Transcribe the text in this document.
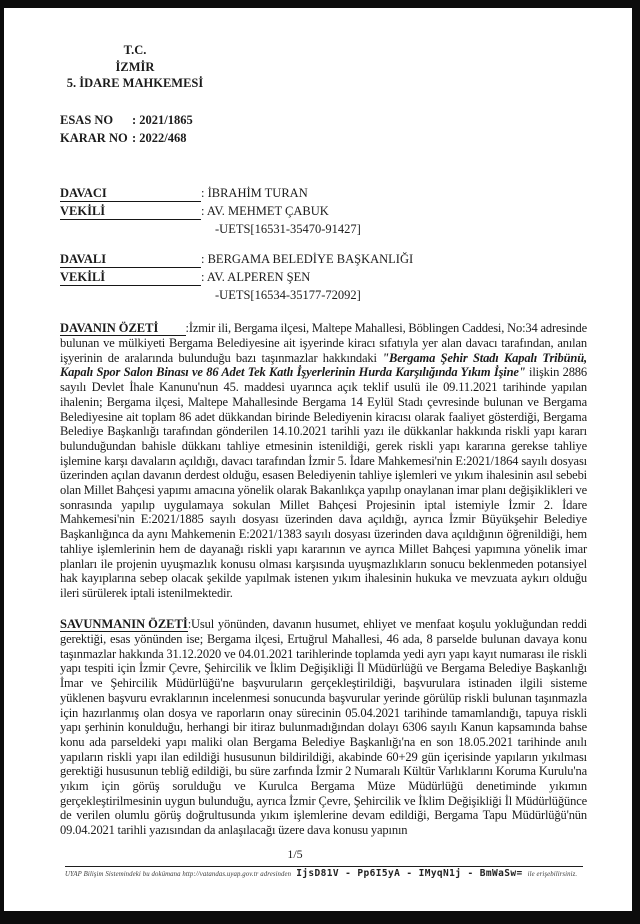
T.C.
İZMİR
5. İDARE MAHKEMESİ
ESAS NO : 2021/1865
KARAR NO : 2022/468
DAVACI	: İBRAHİM TURAN
VEKİLİ	: AV. MEHMET ÇABUK
-UETS[16531-35470-91427]
DAVALI	: BERGAMA BELEDİYE BAŞKANLIĞI
VEKİLİ	: AV. ALPEREN ŞEN
-UETS[16534-35177-72092]

DAVANIN ÖZETİ :İzmir ili, Bergama ilçesi, Maltepe Mahallesi, Böblingen Caddesi, No:34 adresinde bulunan ve mülkiyeti Bergama Belediyesine ait işyerinde kiracı sıfatıyla yer alan davacı tarafından, anılan işyerinin de aralarında bulunduğu bazı taşınmazlar hakkındaki "Bergama Şehir Stadı Kapalı Tribünü, Kapalı Spor Salon Binası ve 86 Adet Tek Katlı İşyerlerinin Hurda Karşılığında Yıkım İşine" ilişkin 2886 sayılı Devlet İhale Kanunu'nun 45. maddesi uyarınca açık teklif usulü ile 09.11.2021 tarihinde yapılan ihalenin; Bergama ilçesi, Maltepe Mahallesinde Bergama 14 Eylül Stadı çevresinde bulunan ve Bergama Belediyesine ait toplam 86 adet dükkandan birinde Belediyenin kiracısı olarak faaliyet gösterdiği, Bergama Belediye Başkanlığı tarafından gönderilen 14.10.2021 tarihli yazı ile dükkanlar hakkında riskli yapı kararı bulunduğundan bahisle dükkanı tahliye etmesinin istenildiği, gerek riskli yapı kararına gerekse tahliye işlemine karşı davaların açıldığı, davacı tarafından İzmir 5. İdare Mahkemesi'nin E:2021/1864 sayılı dosyası üzerinden açılan davanın derdest olduğu, esasen Belediyenin tahliye işlemleri ve yıkım ihalesinin asıl sebebi olan Millet Bahçesi yapımı amacına yönelik olarak Bakanlıkça yapılıp onaylanan imar planı değişiklikleri ve sonrasında yapılıp uygulamaya sokulan Millet Bahçesi Projesinin iptal istemiyle İzmir 2. İdare Mahkemesi'nin E:2021/1885 sayılı dosyası üzerinden dava açıldığı, ayrıca İzmir Büyükşehir Belediye Başkanlığınca da aynı Mahkemenin E:2021/1383 sayılı dosyası üzerinden dava açıldığının öğrenildiği, hem tahliye işlemlerinin hem de dayanağı riskli yapı kararının ve ayrıca Millet Bahçesi yapımına yönelik imar planları ile projenin uyuşmazlık konusu olması karşısında uyuşmazlıkların sonucu beklenmeden potansiyel hak kayıplarına sebep olacak şekilde yapılmak istenen yıkım ihalesinin hukuka ve mevzuata aykırı olduğu ileri sürülerek iptali istenilmektedir.

SAVUNMANIN ÖZETİ:Usul yönünden, davanın husumet, ehliyet ve menfaat koşulu yokluğundan reddi gerektiği, esas yönünden ise; Bergama ilçesi, Ertuğrul Mahallesi, 46 ada, 8 parselde bulunan davaya konu taşınmazlar hakkında 31.12.2020 ve 04.01.2021 tarihlerinde toplamda yedi ayrı yapı kayıt numarası ile riskli yapı tespiti için İzmir Çevre, Şehircilik ve İklim Değişikliği İl Müdürlüğü ve Bergama Belediye Başkanlığı İmar ve Şehircilik Müdürlüğü'ne başvuruların gerçekleştirildiği, başvurulara istinaden ilgili sisteme yüklenen başvuru evraklarının incelenmesi sonucunda başvurular yerinde görülüp riskli bulunan taşınmazla için hazırlanmış olan dosya ve raporların onay sürecinin 05.04.2021 tarihinde tamamlandığı, tapuya riskli yapı şerhinin konulduğu, herhangi bir itiraz bulunmadığından dolayı 6306 sayılı Kanun kapsamında bahse konu ada parseldeki yapı maliki olan Bergama Belediye Başkanlığı'na en son 18.05.2021 tarihinde anılı yapıların riskli yapı ilan edildiği hususunun bildirildiği, akabinde 60+29 gün içerisinde yapıların yıkılması gerektiği hususunun tebliğ edildiği, bu süre zarfında İzmir 2 Numaralı Kültür Varlıklarını Koruma Kurulu'na yıkım için görüş sorulduğu ve Kurulca Bergama Müze Müdürlüğü denetiminde yıkımın gerçekleştirilmesinin uygun bulunduğu, ayrıca İzmir Çevre, Şehircilik ve İklim Değişikliği İl Müdürlüğünce de verilen olumlu görüş doğrultusunda yıkım işlemlerine devam edildiği, Bergama Tapu Müdürlüğü'nün 09.04.2021 tarihli yazısından da anlaşılacağı üzere dava konusu yapının

1/5
UYAP Bilişim Sistemindeki bu dokümana http://vatandas.uyap.gov.tr adresinden IjsD81V - Pp6I5yA - IMyqN1j - BmWaSw= ile erişebilirsiniz.
